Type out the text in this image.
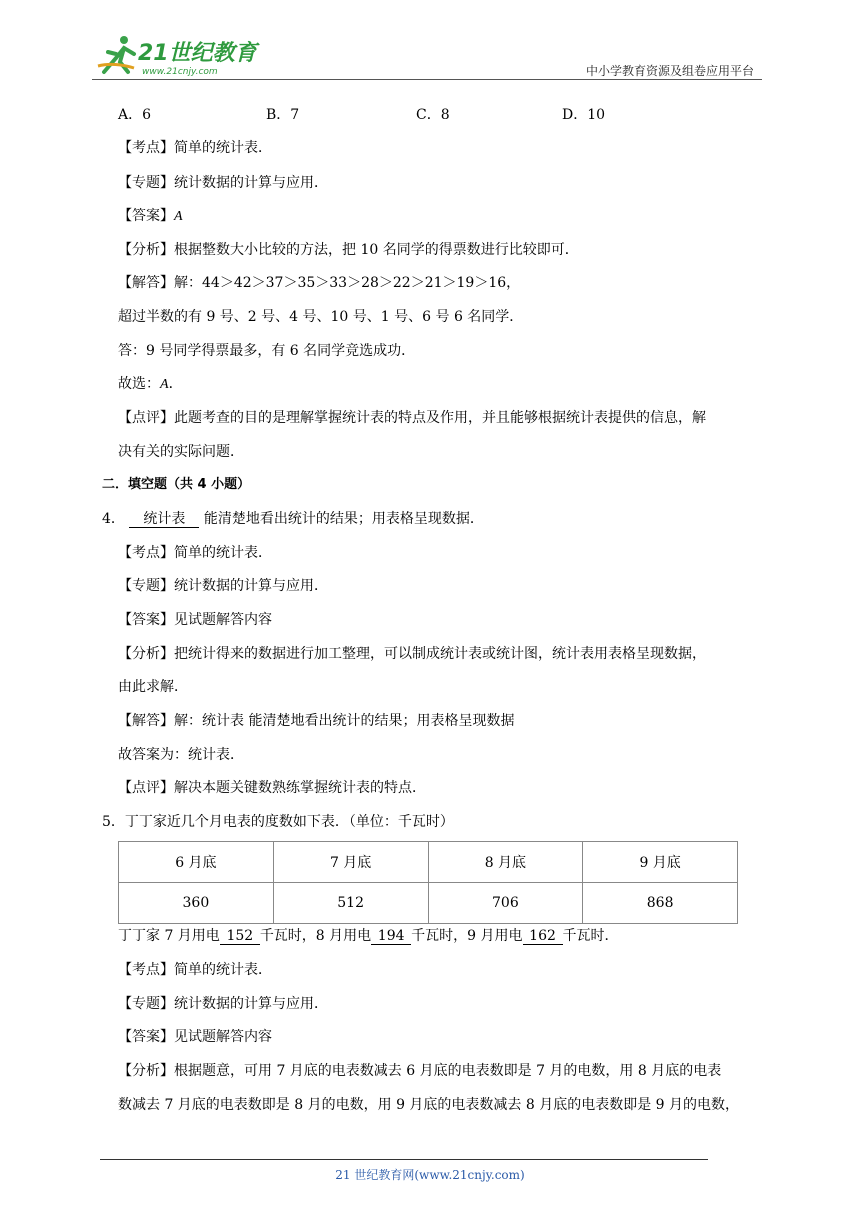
21世纪教育
www.21cnjy.com	中小学教育资源及组卷应用平台
A．6	B．7	C．8	D．10
【考点】简单的统计表．
【专题】统计数据的计算与应用．
【答案】A
【分析】根据整数大小比较的方法，把 10 名同学的得票数进行比较即可．
【解答】解：44＞42＞37＞35＞33＞28＞22＞21＞19＞16，
超过半数的有 9 号、2 号、4 号、10 号、1 号、6 号 6 名同学．
答：9 号同学得票最多，有 6 名同学竞选成功．
故选：A．
【点评】此题考查的目的是理解掌握统计表的特点及作用，并且能够根据统计表提供的信息，解
决有关的实际问题．
二．填空题（共 4 小题）
4． 统计表 能清楚地看出统计的结果；用表格呈现数据．
【考点】简单的统计表．
【专题】统计数据的计算与应用．
【答案】见试题解答内容
【分析】把统计得来的数据进行加工整理，可以制成统计表或统计图，统计表用表格呈现数据，
由此求解．
【解答】解：统计表 能清楚地看出统计的结果；用表格呈现数据
故答案为：统计表．
【点评】解决本题关键数熟练掌握统计表的特点．
5．丁丁家近几个月电表的度数如下表．（单位：千瓦时）
6 月底	7 月底	8 月底	9 月底
360	512	706	868
丁丁家 7 月用电 152 千瓦时，8 月用电 194 千瓦时，9 月用电 162 千瓦时．
【考点】简单的统计表．
【专题】统计数据的计算与应用．
【答案】见试题解答内容
【分析】根据题意，可用 7 月底的电表数减去 6 月底的电表数即是 7 月的电数，用 8 月底的电表
数减去 7 月底的电表数即是 8 月的电数，用 9 月底的电表数减去 8 月底的电表数即是 9 月的电数，
21 世纪教育网(www.21cnjy.com)
